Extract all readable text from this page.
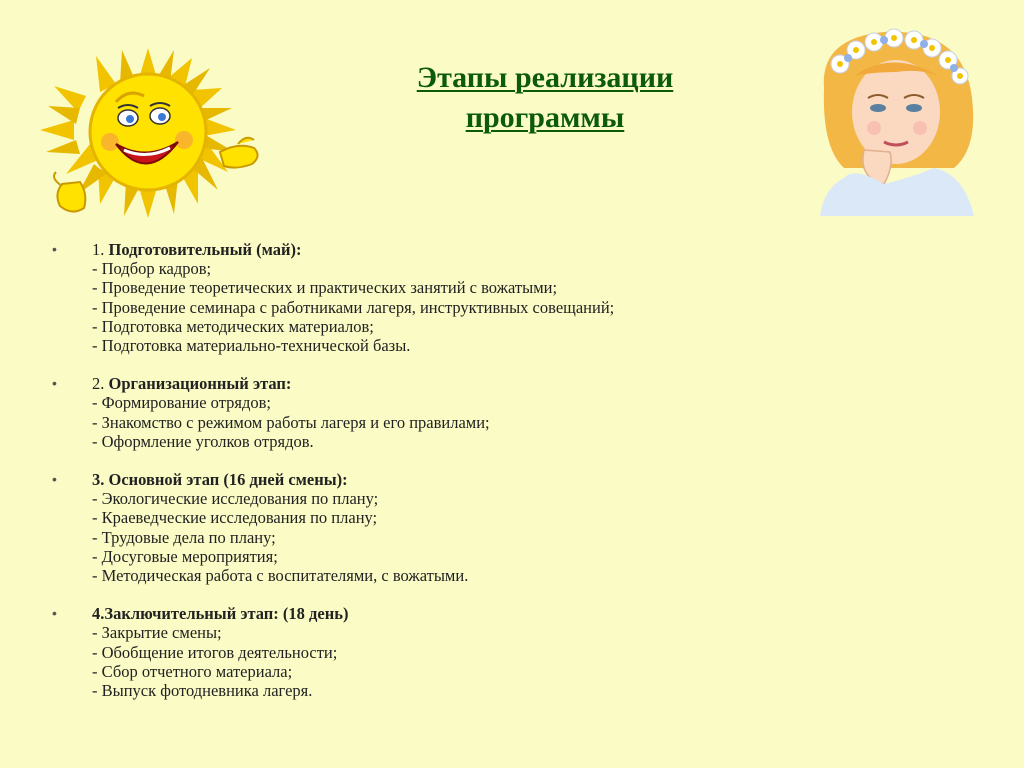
Этапы реализации
программы
• 1. Подготовительный (май):
- Подбор кадров;
- Проведение теоретических и практических занятий с вожатыми;
- Проведение семинара с работниками лагеря, инструктивных совещаний;
- Подготовка методических материалов;
- Подготовка материально-технической базы.
• 2. Организационный этап:
- Формирование отрядов;
- Знакомство с режимом работы лагеря и его правилами;
- Оформление уголков отрядов.
• 3. Основной этап (16 дней смены):
- Экологические исследования по плану;
- Краеведческие исследования по плану;
- Трудовые дела по плану;
- Досуговые мероприятия;
- Методическая работа с воспитателями, с вожатыми.
• 4.Заключительный этап: (18 день)
- Закрытие смены;
- Обобщение итогов деятельности;
- Сбор отчетного материала;
- Выпуск фотодневника лагеря.
